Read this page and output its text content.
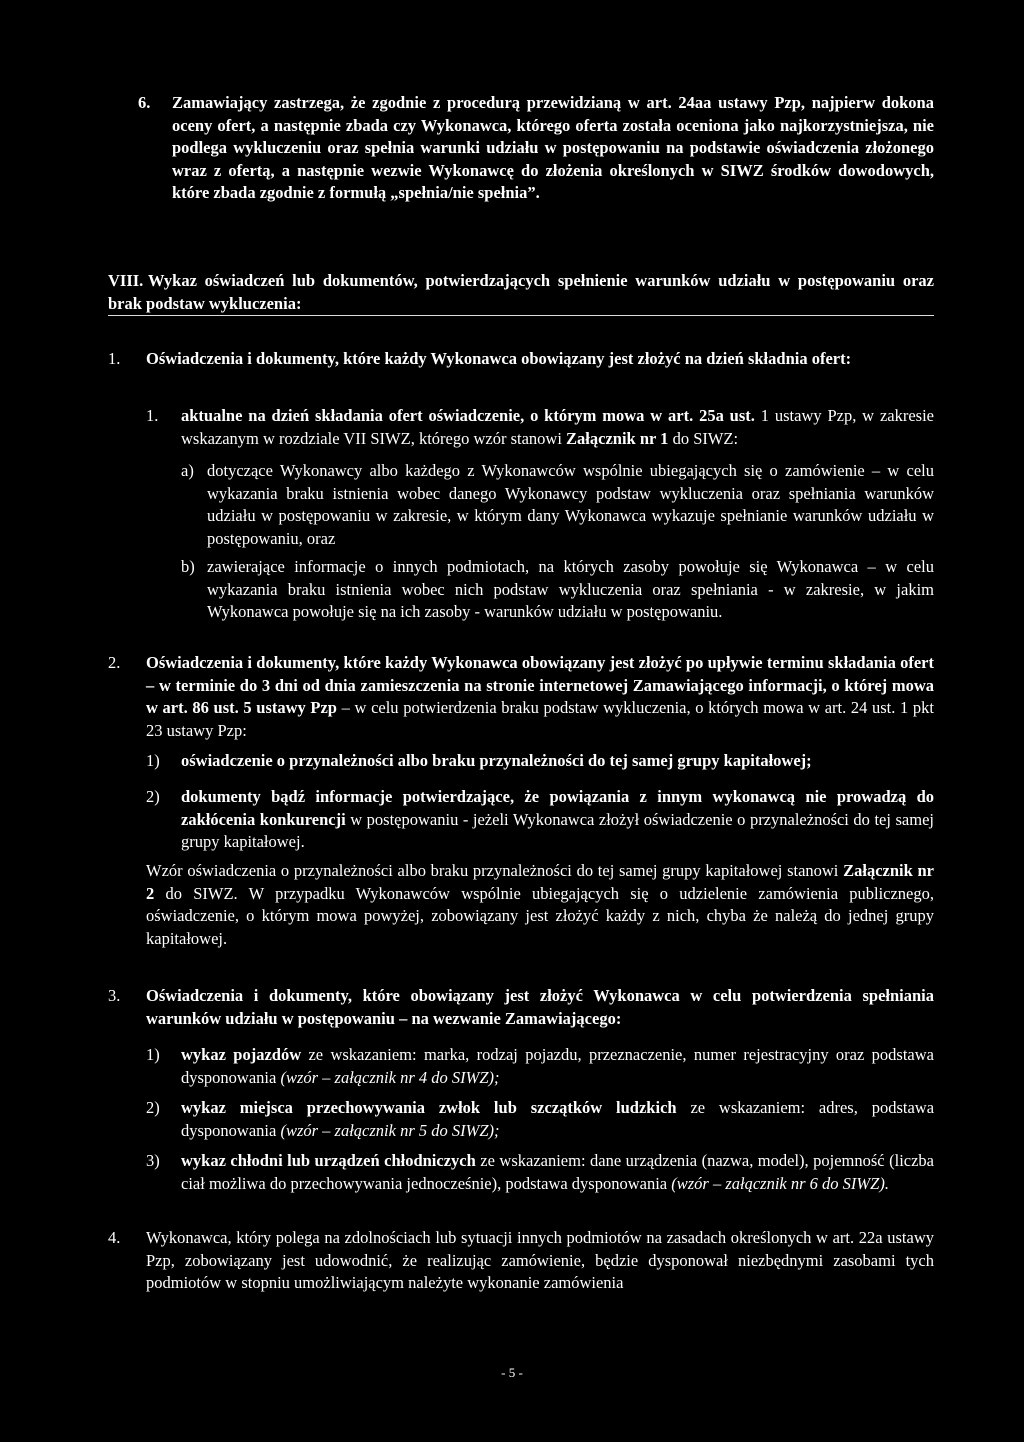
6. Zamawiający zastrzega, że zgodnie z procedurą przewidzianą w art. 24aa ustawy Pzp, najpierw dokona oceny ofert, a następnie zbada czy Wykonawca, którego oferta została oceniona jako najkorzystniejsza, nie podlega wykluczeniu oraz spełnia warunki udziału w postępowaniu na podstawie oświadczenia złożonego wraz z ofertą, a następnie wezwie Wykonawcę do złożenia określonych w SIWZ środków dowodowych, które zbada zgodnie z formułą „spełnia/nie spełnia”.
VIII. Wykaz oświadczeń lub dokumentów, potwierdzających spełnienie warunków udziału w postępowaniu oraz brak podstaw wykluczenia:
1. Oświadczenia i dokumenty, które każdy Wykonawca obowiązany jest złożyć na dzień składnia ofert:
1. aktualne na dzień składania ofert oświadczenie, o którym mowa w art. 25a ust. 1 ustawy Pzp, w zakresie wskazanym w rozdziale VII SIWZ, którego wzór stanowi Załącznik nr 1 do SIWZ:
a) dotyczące Wykonawcy albo każdego z Wykonawców wspólnie ubiegających się o zamówienie – w celu wykazania braku istnienia wobec danego Wykonawcy podstaw wykluczenia oraz spełniania warunków udziału w postępowaniu w zakresie, w którym dany Wykonawca wykazuje spełnianie warunków udziału w postępowaniu, oraz
b) zawierające informacje o innych podmiotach, na których zasoby powołuje się Wykonawca – w celu wykazania braku istnienia wobec nich podstaw wykluczenia oraz spełniania - w zakresie, w jakim Wykonawca powołuje się na ich zasoby - warunków udziału w postępowaniu.
2. Oświadczenia i dokumenty, które każdy Wykonawca obowiązany jest złożyć po upływie terminu składania ofert – w terminie do 3 dni od dnia zamieszczenia na stronie internetowej Zamawiającego informacji, o której mowa w art. 86 ust. 5 ustawy Pzp – w celu potwierdzenia braku podstaw wykluczenia, o których mowa w art. 24 ust. 1 pkt 23 ustawy Pzp:
1) oświadczenie o przynależności albo braku przynależności do tej samej grupy kapitałowej;
2) dokumenty bądź informacje potwierdzające, że powiązania z innym wykonawcą nie prowadzą do zakłócenia konkurencji w postępowaniu - jeżeli Wykonawca złożył oświadczenie o przynależności do tej samej grupy kapitałowej.
Wzór oświadczenia o przynależności albo braku przynależności do tej samej grupy kapitałowej stanowi Załącznik nr 2 do SIWZ. W przypadku Wykonawców wspólnie ubiegających się o udzielenie zamówienia publicznego, oświadczenie, o którym mowa powyżej, zobowiązany jest złożyć każdy z nich, chyba że należą do jednej grupy kapitałowej.
3. Oświadczenia i dokumenty, które obowiązany jest złożyć Wykonawca w celu potwierdzenia spełniania warunków udziału w postępowaniu – na wezwanie Zamawiającego:
1) wykaz pojazdów ze wskazaniem: marka, rodzaj pojazdu, przeznaczenie, numer rejestracyjny oraz podstawa dysponowania (wzór – załącznik nr 4 do SIWZ);
2) wykaz miejsca przechowywania zwłok lub szczątków ludzkich ze wskazaniem: adres, podstawa dysponowania (wzór – załącznik nr 5 do SIWZ);
3) wykaz chłodni lub urządzeń chłodniczych ze wskazaniem: dane urządzenia (nazwa, model), pojemność (liczba ciał możliwa do przechowywania jednocześnie), podstawa dysponowania (wzór – załącznik nr 6 do SIWZ).
4. Wykonawca, który polega na zdolnościach lub sytuacji innych podmiotów na zasadach określonych w art. 22a ustawy Pzp, zobowiązany jest udowodnić, że realizując zamówienie, będzie dysponował niezbędnymi zasobami tych podmiotów w stopniu umożliwiającym należyte wykonanie zamówienia
- 5 -
